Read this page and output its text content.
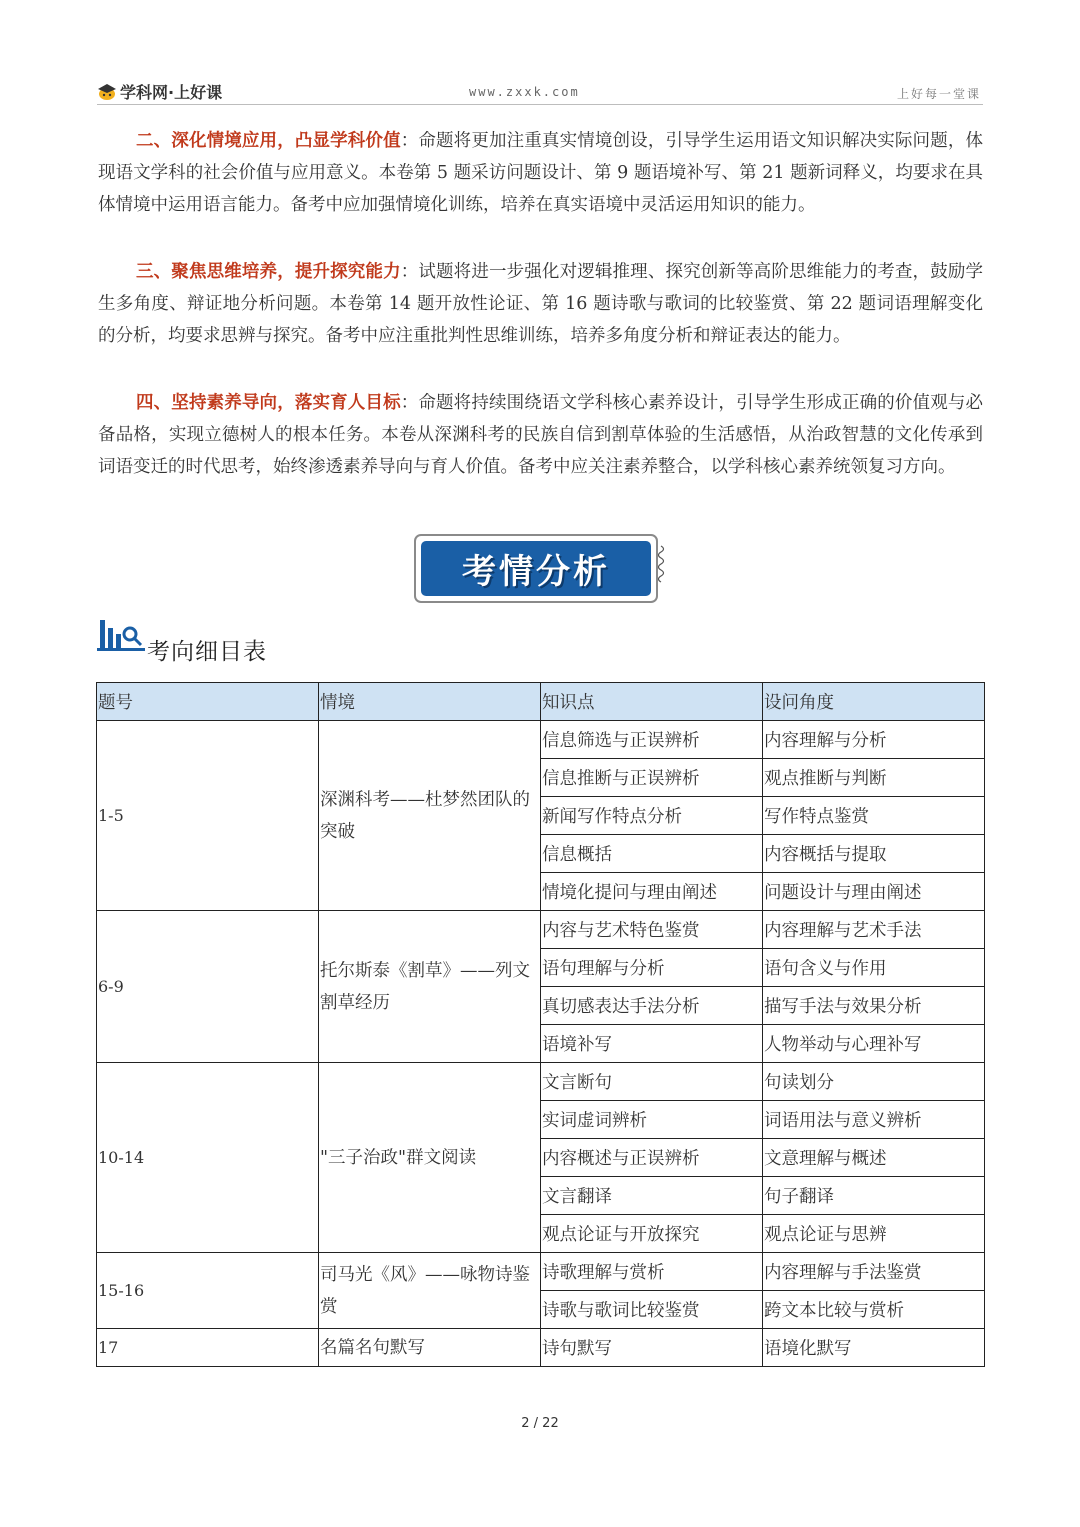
学科网·上好课	www.zxxk.com	上好每一堂课

二、深化情境应用，凸显学科价值：命题将更加注重真实情境创设，引导学生运用语文知识解决实际问题，体现语文学科的社会价值与应用意义。本卷第 5 题采访问题设计、第 9 题语境补写、第 21 题新词释义，均要求在具体情境中运用语言能力。备考中应加强情境化训练，培养在真实语境中灵活运用知识的能力。

三、聚焦思维培养，提升探究能力：试题将进一步强化对逻辑推理、探究创新等高阶思维能力的考查，鼓励学生多角度、辩证地分析问题。本卷第 14 题开放性论证、第 16 题诗歌与歌词的比较鉴赏、第 22 题词语理解变化的分析，均要求思辨与探究。备考中应注重批判性思维训练，培养多角度分析和辩证表达的能力。

四、坚持素养导向，落实育人目标：命题将持续围绕语文学科核心素养设计，引导学生形成正确的价值观与必备品格，实现立德树人的根本任务。本卷从深渊科考的民族自信到割草体验的生活感悟，从治政智慧的文化传承到词语变迁的时代思考，始终渗透素养导向与育人价值。备考中应关注素养整合，以学科核心素养统领复习方向。

考情分析
考向细目表
题号	情境	知识点	设问角度
1-5	深渊科考——杜梦然团队的突破	信息筛选与正误辨析	内容理解与分析
		信息推断与正误辨析	观点推断与判断
		新闻写作特点分析	写作特点鉴赏
		信息概括	内容概括与提取
		情境化提问与理由阐述	问题设计与理由阐述
6-9	托尔斯泰《割草》——列文割草经历	内容与艺术特色鉴赏	内容理解与艺术手法
		语句理解与分析	语句含义与作用
		真切感表达手法分析	描写手法与效果分析
		语境补写	人物举动与心理补写
10-14	"三子治政"群文阅读	文言断句	句读划分
		实词虚词辨析	词语用法与意义辨析
		内容概述与正误辨析	文意理解与概述
		文言翻译	句子翻译
		观点论证与开放探究	观点论证与思辨
15-16	司马光《风》——咏物诗鉴赏	诗歌理解与赏析	内容理解与手法鉴赏
		诗歌与歌词比较鉴赏	跨文本比较与赏析
17	名篇名句默写	诗句默写	语境化默写
2 / 22
